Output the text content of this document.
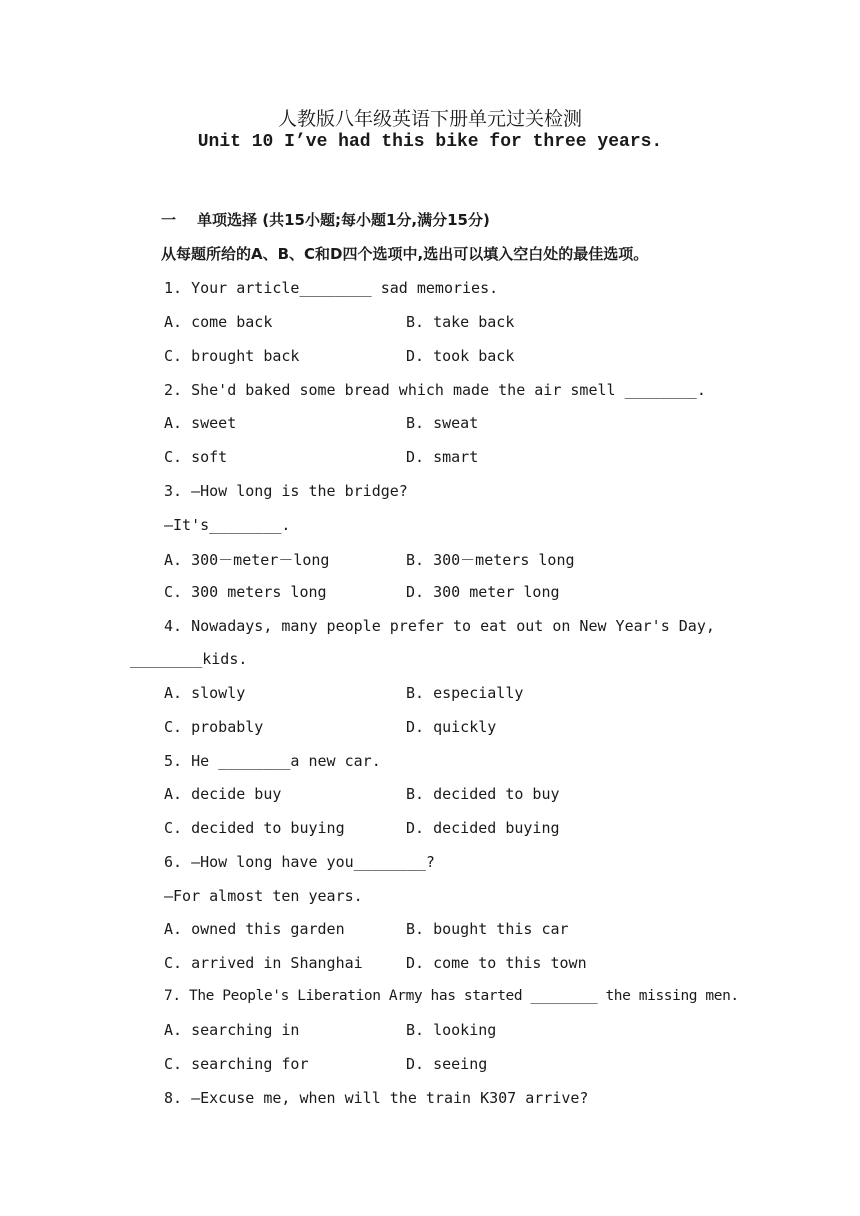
人教版八年级英语下册单元过关检测
Unit 10 I’ve had this bike for three years.
一 单项选择 (共15小题;每小题1分,满分15分)
从每题所给的A、B、C和D四个选项中,选出可以填入空白处的最佳选项。
1. Your article________ sad memories.
A. come back	B. take back
C. brought back	D. took back
2. She'd baked some bread which made the air smell ________.
A. sweet	B. sweat
C. soft	D. smart
3. —How long is the bridge?
—It's________.
A. 300－meter－long	B. 300－meters long
C. 300 meters long	D. 300 meter long
4. Nowadays, many people prefer to eat out on New Year's Day,
________kids.
A. slowly	B. especially
C. probably	D. quickly
5. He ________a new car.
A. decide buy	B. decided to buy
C. decided to buying	D. decided buying
6. —How long have you________?
—For almost ten years.
A. owned this garden	B. bought this car
C. arrived in Shanghai	D. come to this town
7. The People's Liberation Army has started ________ the missing men.
A. searching in	B. looking
C. searching for	D. seeing
8. —Excuse me, when will the train K307 arrive?
